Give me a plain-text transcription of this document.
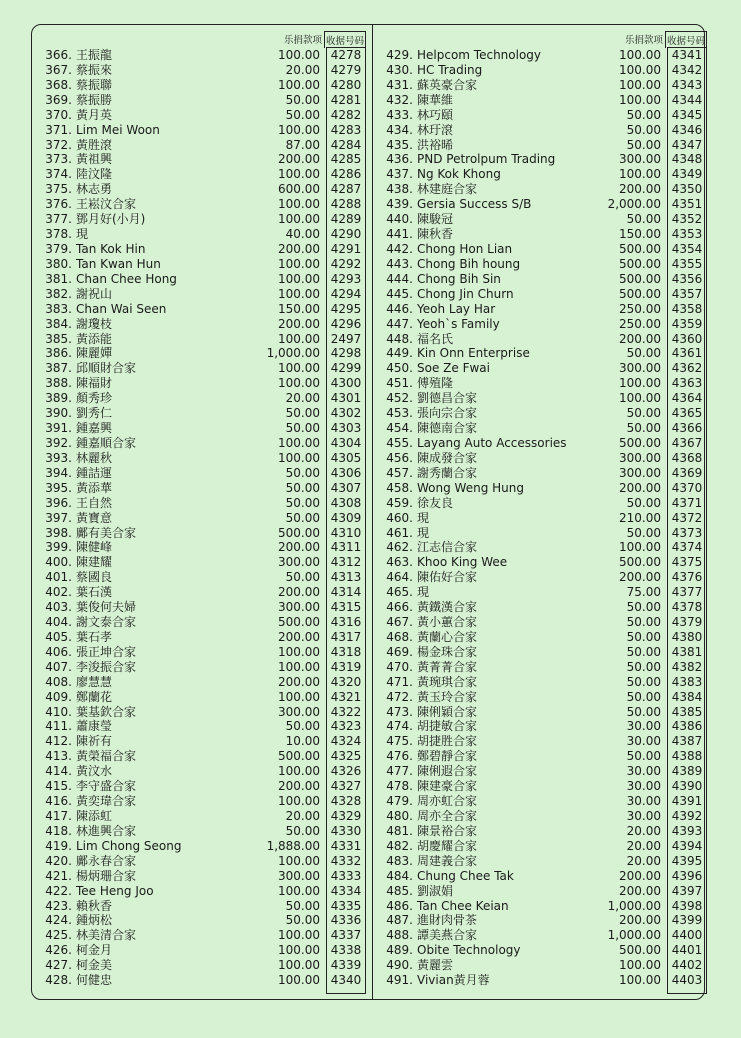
乐捐款项 收据号码
366. 王振龍	100.00 4278
367. 蔡振來	20.00 4279
368. 蔡振聯	100.00 4280
369. 蔡振勝	50.00 4281
370. 黃月英	50.00 4282
371. Lim Mei Woon	100.00 4283
372. 黃胜滾	87.00 4284
373. 黃祖興	200.00 4285
374. 陸汶隆	100.00 4286
375. 林志勇	600.00 4287
376. 王崧汶合家	100.00 4288
377. 鄧月好(小月)	100.00 4289
378. 現	40.00 4290
379. Tan Kok Hin	200.00 4291
380. Tan Kwan Hun	100.00 4292
381. Chan Chee Hong	100.00 4293
382. 謝祝山	100.00 4294
383. Chan Wai Seen	150.00 4295
384. 謝瓊枝	200.00 4296
385. 黃添能	100.00 2497
386. 陳麗嬋	1,000.00 4298
387. 邱順財合家	100.00 4299
388. 陳福財	100.00 4300
389. 顏秀珍	20.00 4301
390. 劉秀仁	50.00 4302
391. 鍾嘉興	50.00 4303
392. 鍾嘉順合家	100.00 4304
393. 林麗秋	100.00 4305
394. 鍾詰運	50.00 4306
395. 黃添華	50.00 4307
396. 王自然	50.00 4308
397. 黃寶意	50.00 4309
398. 鄺有美合家	500.00 4310
399. 陳健峰	200.00 4311
400. 陳建耀	300.00 4312
401. 蔡國良	50.00 4313
402. 葉石漢	200.00 4314
403. 葉俊何夫婦	300.00 4315
404. 謝文泰合家	500.00 4316
405. 葉石孝	200.00 4317
406. 張正坤合家	100.00 4318
407. 李浚振合家	100.00 4319
408. 廖慧慧	200.00 4320
409. 鄭蘭花	100.00 4321
410. 葉基欽合家	300.00 4322
411. 蕭康瑩	50.00 4323
412. 陳祈有	10.00 4324
413. 黃榮福合家	500.00 4325
414. 黃汶水	100.00 4326
415. 李守盛合家	200.00 4327
416. 黃奕瑋合家	100.00 4328
417. 陳添虹	20.00 4329
418. 林進興合家	50.00 4330
419. Lim Chong Seong	1,888.00 4331
420. 鄺永春合家	100.00 4332
421. 楊炳珊合家	300.00 4333
422. Tee Heng Joo	100.00 4334
423. 賴秋香	50.00 4335
424. 鍾炳松	50.00 4336
425. 林美清合家	100.00 4337
426. 柯金月	100.00 4338
427. 柯金美	100.00 4339
428. 何健忠	100.00 4340
乐捐款项 收据号码
429. Helpcom Technology	100.00 4341
430. HC Trading	100.00 4342
431. 蘇英豪合家	100.00 4343
432. 陳華維	100.00 4344
433. 林巧頤	50.00 4345
434. 林玗滾	50.00 4346
435. 洪裕晞	50.00 4347
436. PND Petrolpum Trading	300.00 4348
437. Ng Kok Khong	100.00 4349
438. 林建庭合家	200.00 4350
439. Gersia Success S/B	2,000.00 4351
440. 陳駿冠	50.00 4352
441. 陳秋香	150.00 4353
442. Chong Hon Lian	500.00 4354
443. Chong Bih houng	500.00 4355
444. Chong Bih Sin	500.00 4356
445. Chong Jin Churn	500.00 4357
446. Yeoh Lay Har	250.00 4358
447. Yeoh`s Family	250.00 4359
448. 福名氏	200.00 4360
449. Kin Onn Enterprise	50.00 4361
450. Soe Ze Fwai	300.00 4362
451. 傅殖隆	100.00 4363
452. 劉德昌合家	100.00 4364
453. 張向宗合家	50.00 4365
454. 陳德南合家	50.00 4366
455. Layang Auto Accessories	500.00 4367
456. 陳成發合家	300.00 4368
457. 謝秀蘭合家	300.00 4369
458. Wong Weng Hung	200.00 4370
459. 徐友良	50.00 4371
460. 現	210.00 4372
461. 現	50.00 4373
462. 江志信合家	100.00 4374
463. Khoo King Wee	500.00 4375
464. 陳佑好合家	200.00 4376
465. 現	75.00 4377
466. 黃鐵漢合家	50.00 4378
467. 黃小蕙合家	50.00 4379
468. 黃蘭心合家	50.00 4380
469. 楊金珠合家	50.00 4381
470. 黃菁菁合家	50.00 4382
471. 黃琬琪合家	50.00 4383
472. 黃玉玲合家	50.00 4384
473. 陳俐穎合家	50.00 4385
474. 胡捷敏合家	30.00 4386
475. 胡捷胜合家	30.00 4387
476. 鄭碧靜合家	50.00 4388
477. 陳俐遐合家	30.00 4389
478. 陳建豪合家	30.00 4390
479. 周亦虹合家	30.00 4391
480. 周亦全合家	30.00 4392
481. 陳景裕合家	20.00 4393
482. 胡慶耀合家	20.00 4394
483. 周建義合家	20.00 4395
484. Chung Chee Tak	200.00 4396
485. 劉淑娟	200.00 4397
486. Tan Chee Keian	1,000.00 4398
487. 進財肉骨茶	200.00 4399
488. 譚美燕合家	1,000.00 4400
489. Obite Technology	500.00 4401
490. 黃麗雲	100.00 4402
491. Vivian黃月蓉	100.00 4403
